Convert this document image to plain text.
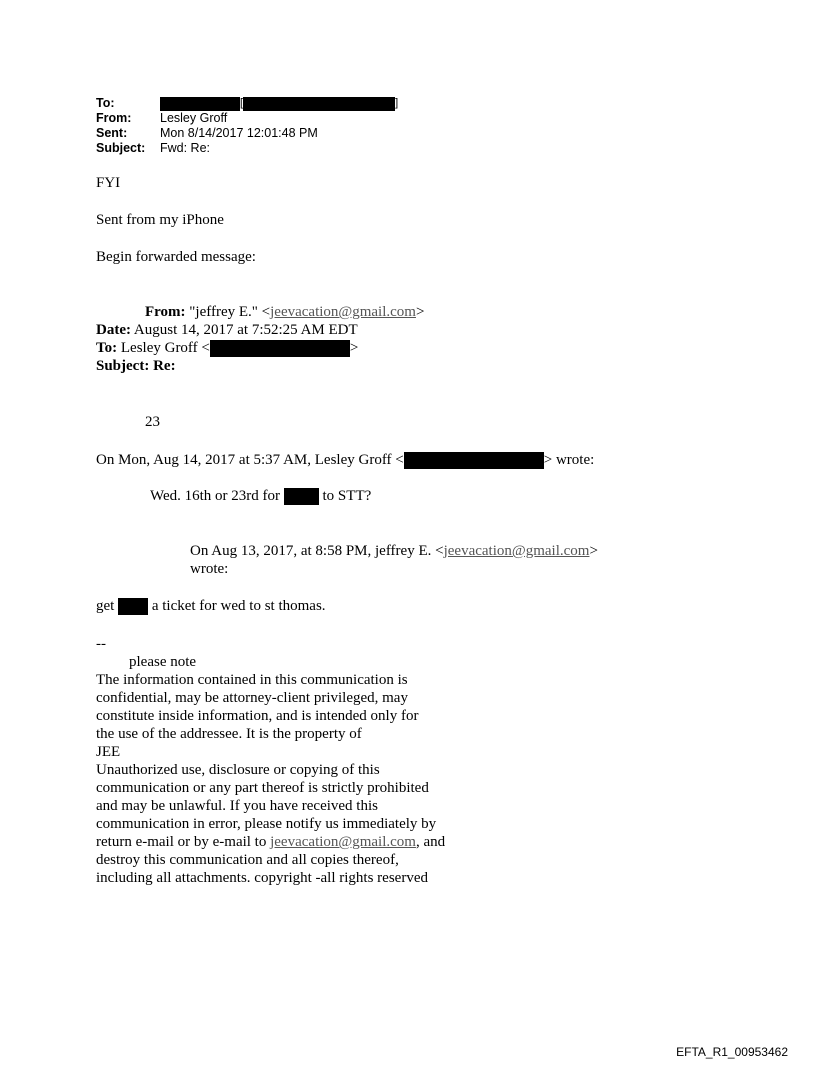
To:	[	]
From:	Lesley Groff
Sent:	Mon 8/14/2017 12:01:48 PM
Subject:	Fwd: Re:
FYI
Sent from my iPhone
Begin forwarded message:
From: "jeffrey E." <jeevacation@gmail.com>
Date: August 14, 2017 at 7:52:25 AM EDT
To:
Lesley Groff <	>
Subject: Re:
23
On Mon, Aug 14, 2017 at 5:37 AM, Lesley Groff <	> wrote:
Wed. 16th or 23rd for

	to STT?
On Aug 13, 2017, at 8:58 PM, jeffrey E. <jeevacation@gmail.com>
wrote:
get

	a ticket for wed to st thomas.
--
please note
The information contained in this communication is
confidential, may be attorney-client privileged, may
constitute inside information, and is intended only for
the use of the addressee. It is the property of
JEE
Unauthorized use, disclosure or copying of this
communication or any part thereof is strictly prohibited
and may be unlawful. If you have received this
communication in error, please notify us immediately by
return e-mail or by e-mail to jeevacation@gmail.com, and
destroy this communication and all copies thereof,
including all attachments. copyright -all rights reserved
EFTA_R1_00953462
